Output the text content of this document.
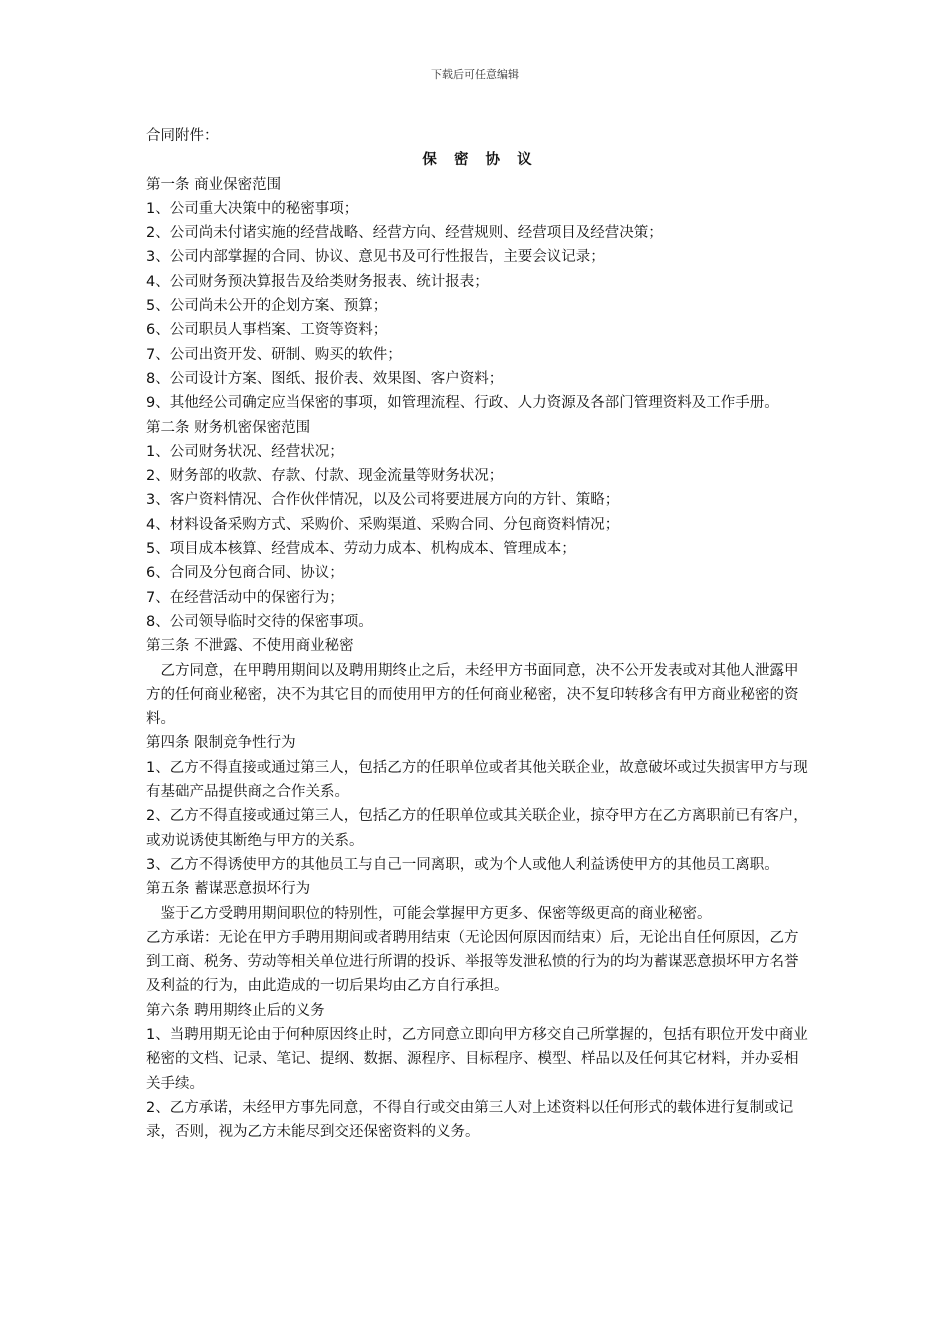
下载后可任意编辑
合同附件：
保 密 协 议
第一条 商业保密范围
1、公司重大决策中的秘密事项；
2、公司尚未付诸实施的经营战略、经营方向、经营规则、经营项目及经营决策；
3、公司内部掌握的合同、协议、意见书及可行性报告，主要会议记录；
4、公司财务预决算报告及给类财务报表、统计报表；
5、公司尚未公开的企划方案、预算；
6、公司职员人事档案、工资等资料；
7、公司出资开发、研制、购买的软件；
8、公司设计方案、图纸、报价表、效果图、客户资料；
9、其他经公司确定应当保密的事项，如管理流程、行政、人力资源及各部门管理资料及工作手册。
第二条 财务机密保密范围
1、公司财务状况、经营状况；
2、财务部的收款、存款、付款、现金流量等财务状况；
3、客户资料情况、合作伙伴情况，以及公司将要进展方向的方针、策略；
4、材料设备采购方式、采购价、采购渠道、采购合同、分包商资料情况；
5、项目成本核算、经营成本、劳动力成本、机构成本、管理成本；
6、合同及分包商合同、协议；
7、在经营活动中的保密行为；
8、公司领导临时交待的保密事项。
第三条 不泄露、不使用商业秘密
乙方同意，在甲聘用期间以及聘用期终止之后，未经甲方书面同意，决不公开发表或对其他人泄露甲方的任何商业秘密，决不为其它目的而使用甲方的任何商业秘密，决不复印转移含有甲方商业秘密的资料。
第四条 限制竞争性行为
1、乙方不得直接或通过第三人，包括乙方的任职单位或者其他关联企业，故意破坏或过失损害甲方与现有基础产品提供商之合作关系。
2、乙方不得直接或通过第三人，包括乙方的任职单位或其关联企业，掠夺甲方在乙方离职前已有客户，或劝说诱使其断绝与甲方的关系。
3、乙方不得诱使甲方的其他员工与自己一同离职，或为个人或他人利益诱使甲方的其他员工离职。
第五条 蓄谋恶意损坏行为
鉴于乙方受聘用期间职位的特别性，可能会掌握甲方更多、保密等级更高的商业秘密。
乙方承诺：无论在甲方手聘用期间或者聘用结束（无论因何原因而结束）后，无论出自任何原因，乙方到工商、税务、劳动等相关单位进行所谓的投诉、举报等发泄私愤的行为的均为蓄谋恶意损坏甲方名誉及利益的行为，由此造成的一切后果均由乙方自行承担。
第六条 聘用期终止后的义务
1、当聘用期无论由于何种原因终止时，乙方同意立即向甲方移交自己所掌握的，包括有职位开发中商业秘密的文档、记录、笔记、提纲、数据、源程序、目标程序、模型、样品以及任何其它材料，并办妥相关手续。
2、乙方承诺，未经甲方事先同意，不得自行或交由第三人对上述资料以任何形式的载体进行复制或记录，否则，视为乙方未能尽到交还保密资料的义务。
